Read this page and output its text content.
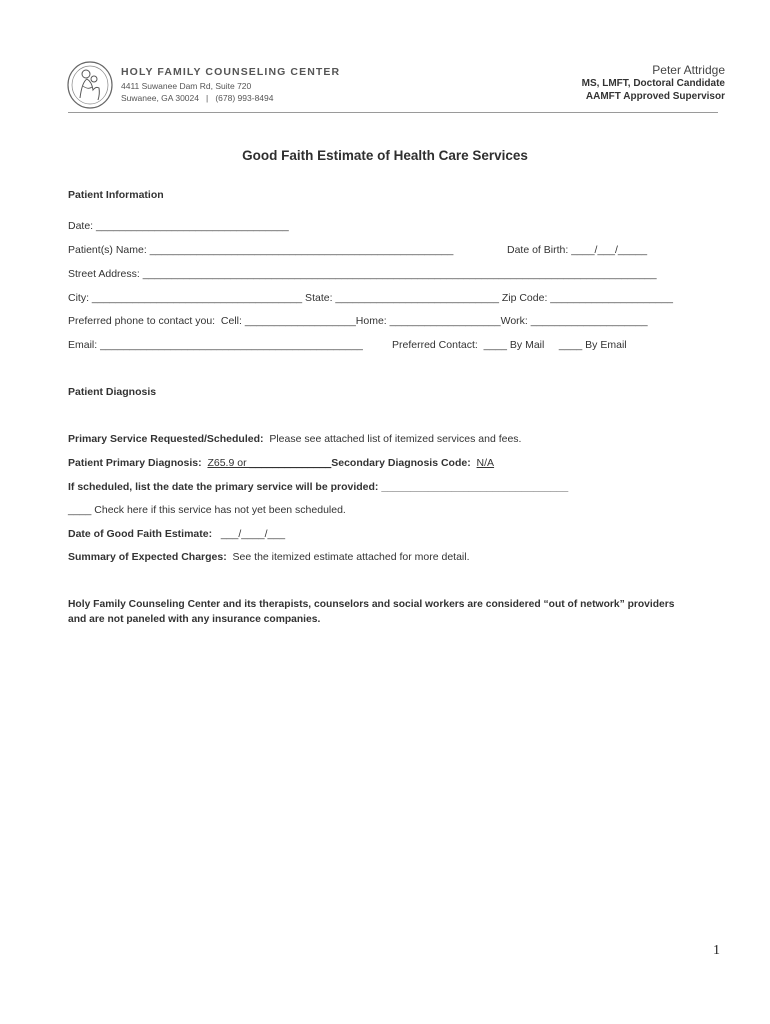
HOLY FAMILY COUNSELING CENTER
4411 Suwanee Dam Rd, Suite 720
Suwanee, GA 30024   |   (678) 993-8494
Peter Attridge
MS, LMFT, Doctoral Candidate
AAMFT Approved Supervisor
Good Faith Estimate of Health Care Services
Patient Information
Date: _________________________________
Patient(s) Name: ____________________________________________________	Date of Birth: ____/___/_____
Street Address: ________________________________________________________________________________________
City: ____________________________________ State: ____________________________ Zip Code: _____________________
Preferred phone to contact you:  Cell: ___________________Home: ___________________Work: ____________________
Email: _____________________________________________	Preferred Contact:  ____ By Mail     ____ By Email
Patient Diagnosis
Primary Service Requested/Scheduled:  Please see attached list of itemized services and fees.
Patient Primary Diagnosis: Z65.9 or ______________Secondary Diagnosis Code: N/A
If scheduled, list the date the primary service will be provided: ________________________________
____ Check here if this service has not yet been scheduled.
Date of Good Faith Estimate:   ___/____/___
Summary of Expected Charges:  See the itemized estimate attached for more detail.
Holy Family Counseling Center and its therapists, counselors and social workers are considered “out of network” providers
and are not paneled with any insurance companies.
1
